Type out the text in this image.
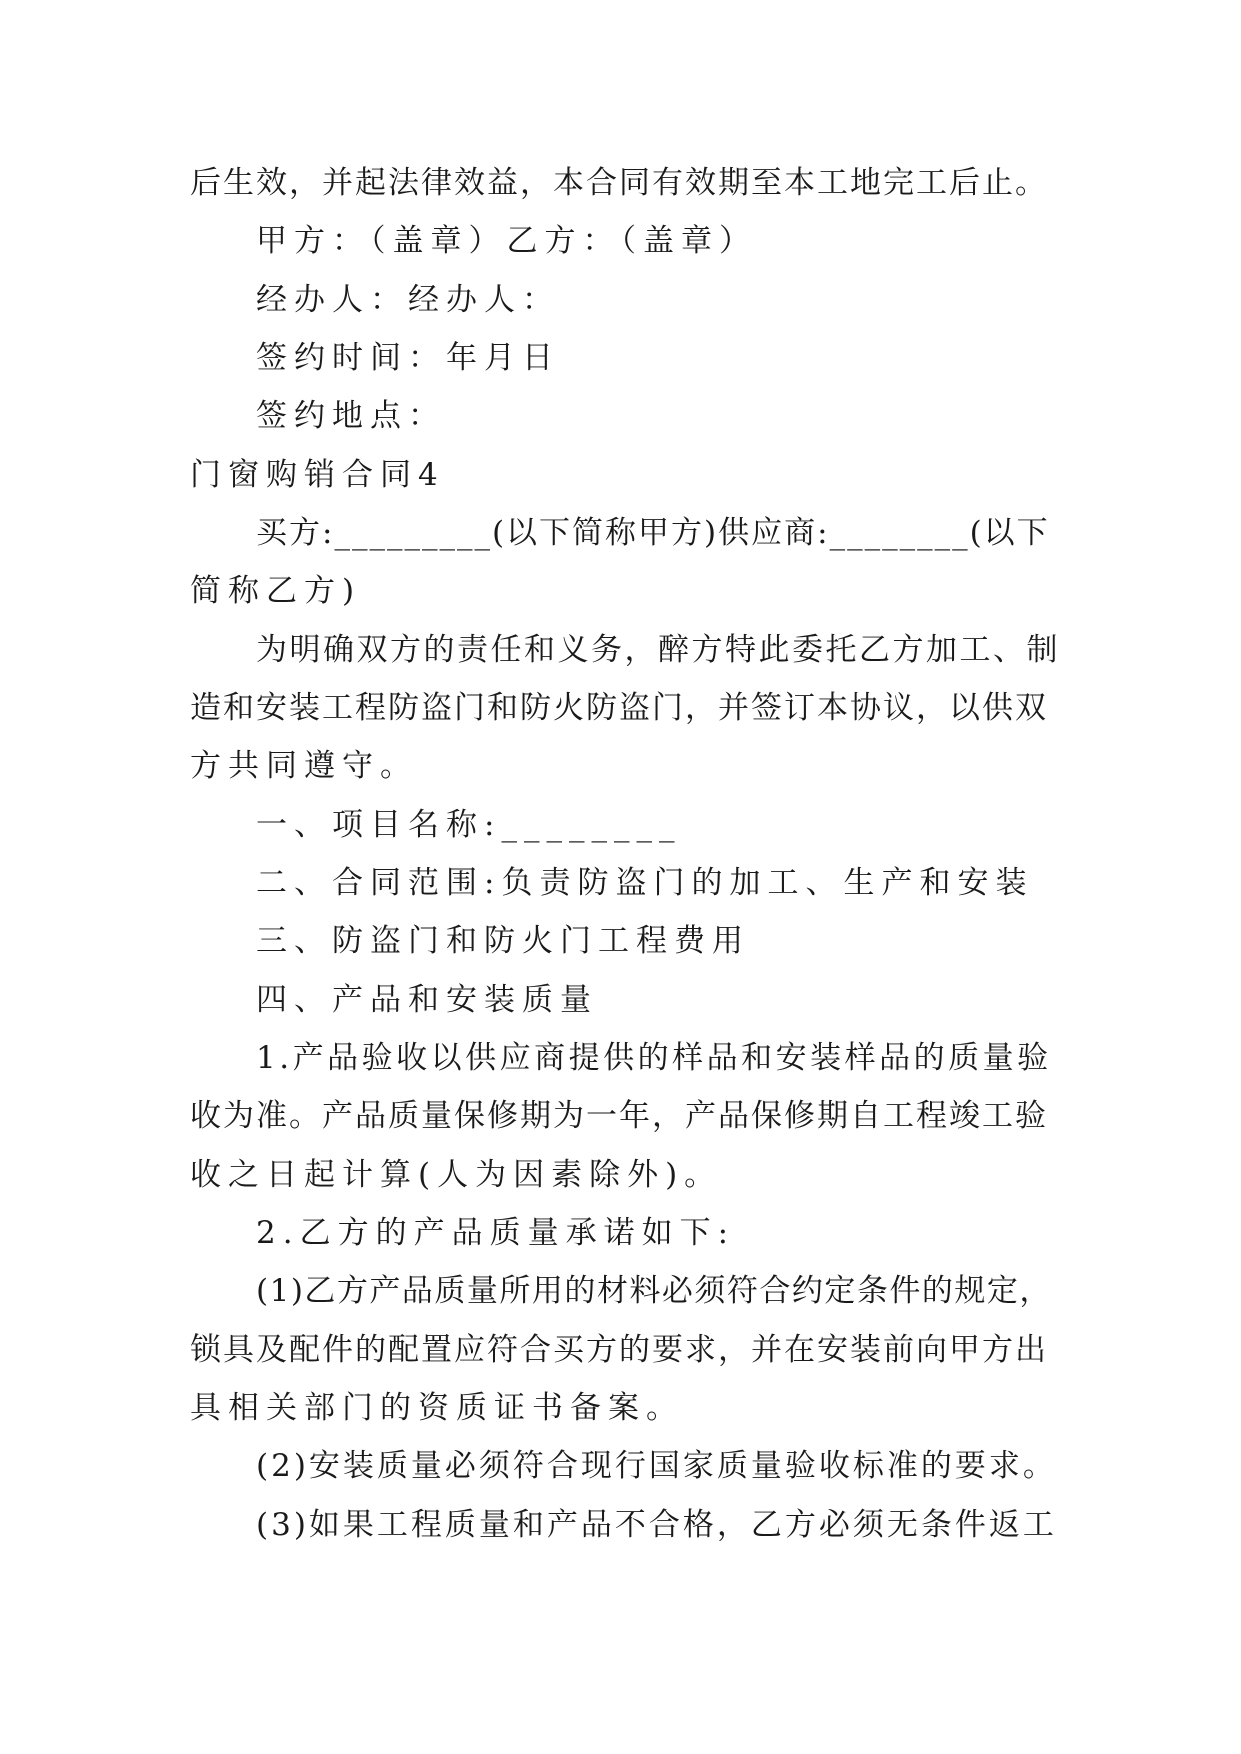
后生效，并起法律效益，本合同有效期至本工地完工后止。
甲方：（盖章）乙方：（盖章）
经办人：经办人：
签约时间：年月日
签约地点：
门窗购销合同4
买方:_________(以下简称甲方)供应商:________(以下
简称乙方)
为明确双方的责任和义务，醉方特此委托乙方加工、制
造和安装工程防盗门和防火防盗门，并签订本协议，以供双
方共同遵守。
一、项目名称:________
二、合同范围:负责防盗门的加工、生产和安装
三、防盗门和防火门工程费用
四、产品和安装质量
1.产品验收以供应商提供的样品和安装样品的质量验
收为准。产品质量保修期为一年，产品保修期自工程竣工验
收之日起计算(人为因素除外)。
2.乙方的产品质量承诺如下:
(1)乙方产品质量所用的材料必须符合约定条件的规定，
锁具及配件的配置应符合买方的要求，并在安装前向甲方出
具相关部门的资质证书备案。
(2)安装质量必须符合现行国家质量验收标准的要求。
(3)如果工程质量和产品不合格，乙方必须无条件返工
